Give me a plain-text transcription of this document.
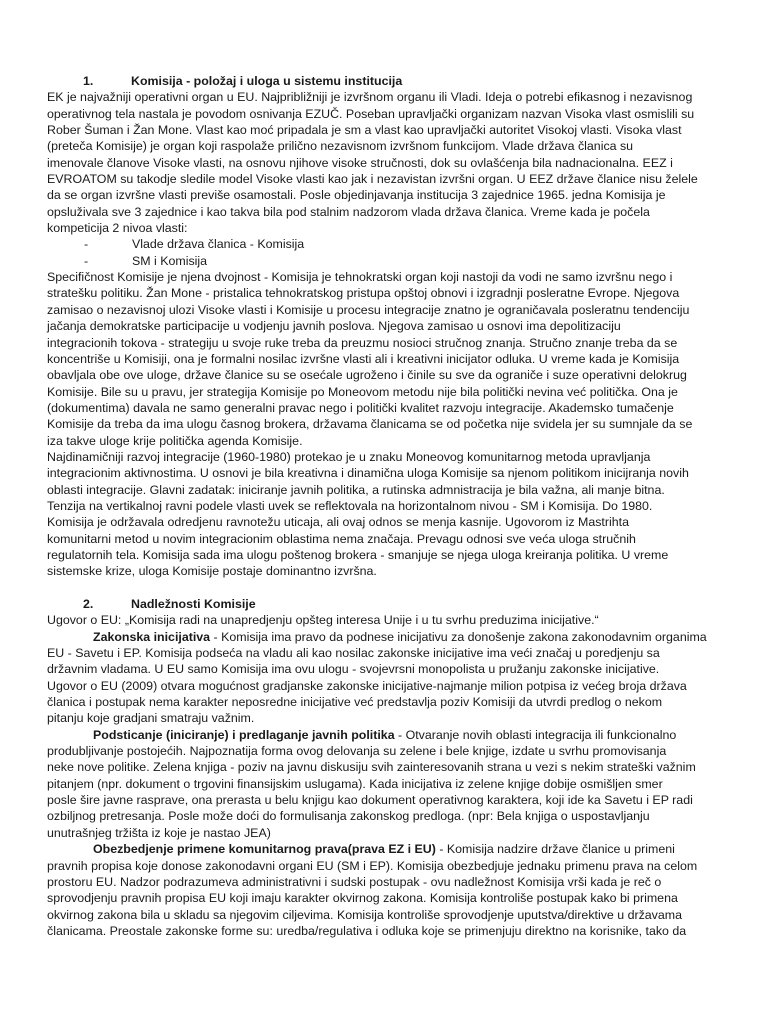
1.	Komisija - položaj i uloga u sistemu institucija
EK je najvažniji operativni organ u EU. Najpribližniji je izvršnom organu ili Vladi. Ideja o potrebi efikasnog i nezavisnog
operativnog tela nastala je povodom osnivanja EZUČ. Poseban upravljački organizam nazvan Visoka vlast osmislili su
Rober Šuman i Žan Mone. Vlast kao moć pripadala je sm a vlast kao upravljački autoritet Visokoj vlasti. Visoka vlast
(preteča Komisije) je organ koji raspolaže prilično nezavisnom izvršnom funkcijom. Vlade država članica su
imenovale članove Visoke vlasti, na osnovu njihove visoke stručnosti, dok su ovlašćenja bila nadnacionalna. EEZ i
EVROATOM su takodje sledile model Visoke vlasti kao jak i nezavistan izvršni organ. U EEZ države članice nisu želele
da se organ izvršne vlasti previše osamostali. Posle objedinjavanja institucija 3 zajednice 1965. jedna Komisija je
opsluživala sve 3 zajednice i kao takva bila pod stalnim nadzorom vlada država članica. Vreme kada je počela
kompeticija 2 nivoa vlasti:
-	Vlade država članica - Komisija
-	SM i Komisija
Specifičnost Komisije je njena dvojnost - Komisija je tehnokratski organ koji nastoji da vodi ne samo izvršnu nego i
stratešku politiku. Žan Mone - pristalica tehnokratskog pristupa opštoj obnovi i izgradnji posleratne Evrope. Njegova
zamisao o nezavisnoj ulozi Visoke vlasti i Komisije u procesu integracije znatno je ograničavala posleratnu tendenciju
jačanja demokratske participacije u vodjenju javnih poslova. Njegova zamisao u osnovi ima depolitizaciju
integracionih tokova - strategiju u svoje ruke treba da preuzmu nosioci stručnog znanja. Stručno znanje treba da se
koncentriše u Komisiji, ona je formalni nosilac izvršne vlasti ali i kreativni inicijator odluka. U vreme kada je Komisija
obavljala obe ove uloge, države članice su se osećale ugroženo i činile su sve da ograniče i suze operativni delokrug
Komisije. Bile su u pravu, jer strategija Komisije po Moneovom metodu nije bila politički nevina već politička. Ona je
(dokumentima) davala ne samo generalni pravac nego i politički kvalitet razvoju integracije. Akademsko tumačenje
Komisije da treba da ima ulogu časnog brokera, državama članicama se od početka nije svidela jer su sumnjale da se
iza takve uloge krije politička agenda Komisije.
Najdinamičniji razvoj integracije (1960-1980) protekao je u znaku Moneovog komunitarnog metoda upravljanja
integracionim aktivnostima. U osnovi je bila kreativna i dinamična uloga Komisije sa njenom politikom inicijranja novih
oblasti integracije. Glavni zadatak: iniciranje javnih politika, a rutinska admnistracija je bila važna, ali manje bitna.
Tenzija na vertikalnoj ravni podele vlasti uvek se reflektovala na horizontalnom nivou - SM i Komisija. Do 1980.
Komisija je održavala odredjenu ravnotežu uticaja, ali ovaj odnos se menja kasnije. Ugovorom iz Mastrihta
komunitarni metod u novim integracionim oblastima nema značaja. Prevagu odnosi sve veća uloga stručnih
regulatornih tela. Komisija sada ima ulogu poštenog brokera - smanjuje se njega uloga kreiranja politika. U vreme
sistemske krize, uloga Komisije postaje dominantno izvršna.
2.	Nadležnosti Komisije
Ugovor o EU: „Komisija radi na unapredjenju opšteg interesa Unije i u tu svrhu preduzima inicijative.“
Zakonska inicijativa - Komisija ima pravo da podnese inicijativu za donošenje zakona zakonodavnim organima
EU - Savetu i EP. Komisija podseća na vladu ali kao nosilac zakonske inicijative ima veći značaj u poredjenju sa
državnim vladama. U EU samo Komisija ima ovu ulogu - svojevrsni monopolista u pružanju zakonske inicijative.
Ugovor o EU (2009) otvara mogućnost gradjanske zakonske inicijative-najmanje milion potpisa iz većeg broja država
članica i postupak nema karakter neposredne inicijative već predstavlja poziv Komisiji da utvrdi predlog o nekom
pitanju koje gradjani smatraju važnim.
Podsticanje (iniciranje) i predlaganje javnih politika - Otvaranje novih oblasti integracija ili funkcionalno
produbljivanje postojećih. Najpoznatija forma ovog delovanja su zelene i bele knjige, izdate u svrhu promovisanja
neke nove politike. Zelena knjiga - poziv na javnu diskusiju svih zainteresovanih strana u vezi s nekim strateški važnim
pitanjem (npr. dokument o trgovini finansijskim uslugama). Kada inicijativa iz zelene knjige dobije osmišljen smer
posle šire javne rasprave, ona prerasta u belu knjigu kao dokument operativnog karaktera, koji ide ka Savetu i EP radi
ozbiljnog pretresanja. Posle može doći do formulisanja zakonskog predloga. (npr: Bela knjiga o uspostavljanju
unutrašnjeg tržišta iz koje je nastao JEA)
Obezbedjenje primene komunitarnog prava(prava EZ i EU) - Komisija nadzire države članice u primeni
pravnih propisa koje donose zakonodavni organi EU (SM i EP). Komisija obezbedjuje jednaku primenu prava na celom
prostoru EU. Nadzor podrazumeva administrativni i sudski postupak - ovu nadležnost Komisija vrši kada je reč o
sprovodjenju pravnih propisa EU koji imaju karakter okvirnog zakona. Komisija kontroliše postupak kako bi primena
okvirnog zakona bila u skladu sa njegovim ciljevima. Komisija kontroliše sprovodjenje uputstva/direktive u državama
članicama. Preostale zakonske forme su: uredba/regulativa i odluka koje se primenjuju direktno na korisnike, tako da
